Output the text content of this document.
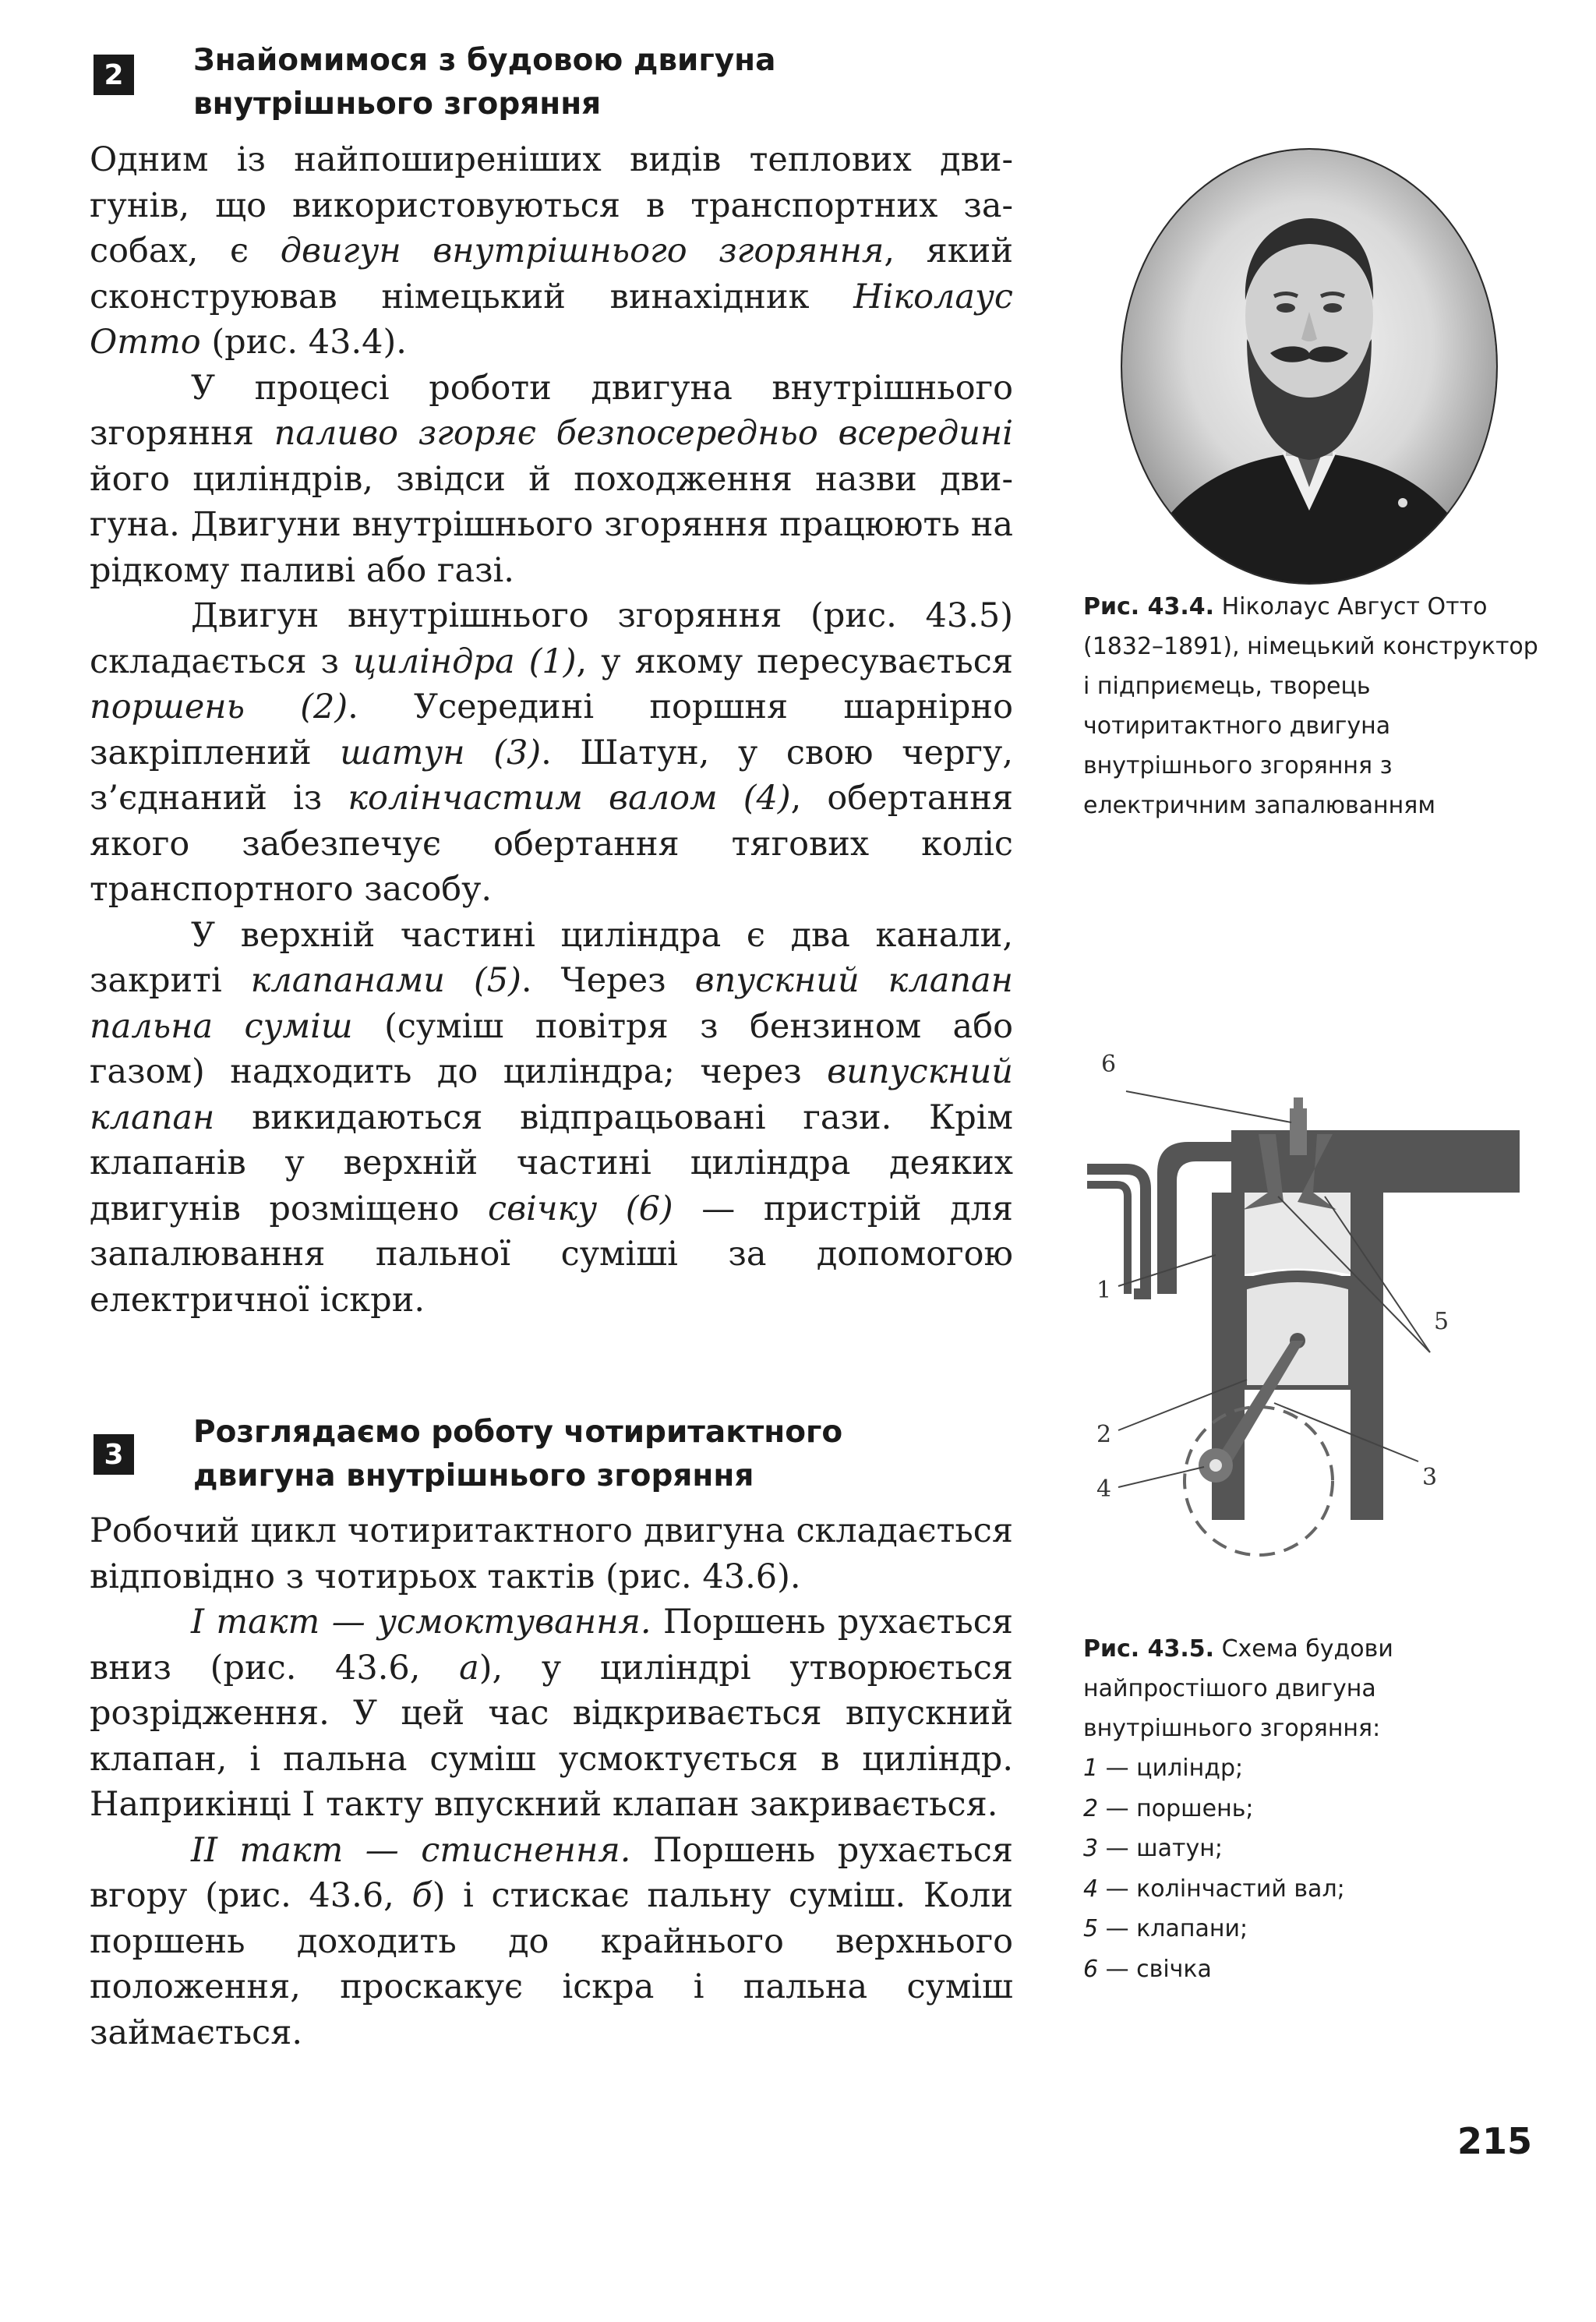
2	Знайомимося з будовою двигуна
внутрішнього згоряння

Одним із найпоширеніших видів теплових двигунів, що використовуються в транспортних засобах, є двигун внутрішнього згоряння, який сконструював німецький винахідник Ніколаус Отто (рис. 43.4).

У процесі роботи двигуна внутрішнього згоряння паливо згоряє безпосередньо всередині його циліндрів, звідси й походження назви двигуна. Двигуни внутрішнього згоряння працюють на рідкому паливі або газі.

Двигун внутрішнього згоряння (рис. 43.5) складається з циліндра (1), у якому пересувається поршень (2). Усередині поршня шарнірно закріплений шатун (3). Шатун, у свою чергу, з’єднаний із колінчастим валом (4), обертання якого забезпечує обертання тягових коліс транспортного засобу.

У верхній частині циліндра є два канали, закриті клапанами (5). Через впускний клапан пальна суміш (суміш повітря з бензином або газом) надходить до циліндра; через випускний клапан викидаються відпрацьовані гази. Крім клапанів у верхній частині циліндра деяких двигунів розміщено свічку (6) — пристрій для запалювання пальної суміші за допомогою електричної іскри.

3
Розглядаємо роботу чотиритактного
двигуна внутрішнього згоряння

Робочий цикл чотиритактного двигуна складається відповідно з чотирьох тактів (рис. 43.6).

І такт — усмоктування. Поршень рухається вниз (рис. 43.6, а), у циліндрі утворюється розрідження. У цей час відкривається впускний клапан, і пальна суміш усмоктується в циліндр. Наприкінці І такту впускний клапан закривається.

II такт — стиснення. Поршень рухається вгору (рис. 43.6, б) і стискає пальну суміш. Коли поршень доходить до крайнього верхнього положення, проскакує іскра і пальна суміш займається.

Рис. 43.4. Ніколаус Август Отто (1832–1891), німецький конструктор і підприємець, творець чотиритактного двигуна внутрішнього згоряння з електричним запалюванням
6
1
5
2
3
4
Рис. 43.5. Схема будови найпростішого двигуна внутрішнього згоряння:
1 — циліндр;
2 — поршень;
3 — шатун;
4 — колінчастий вал;
5 — клапани;
6 — свічка
215
